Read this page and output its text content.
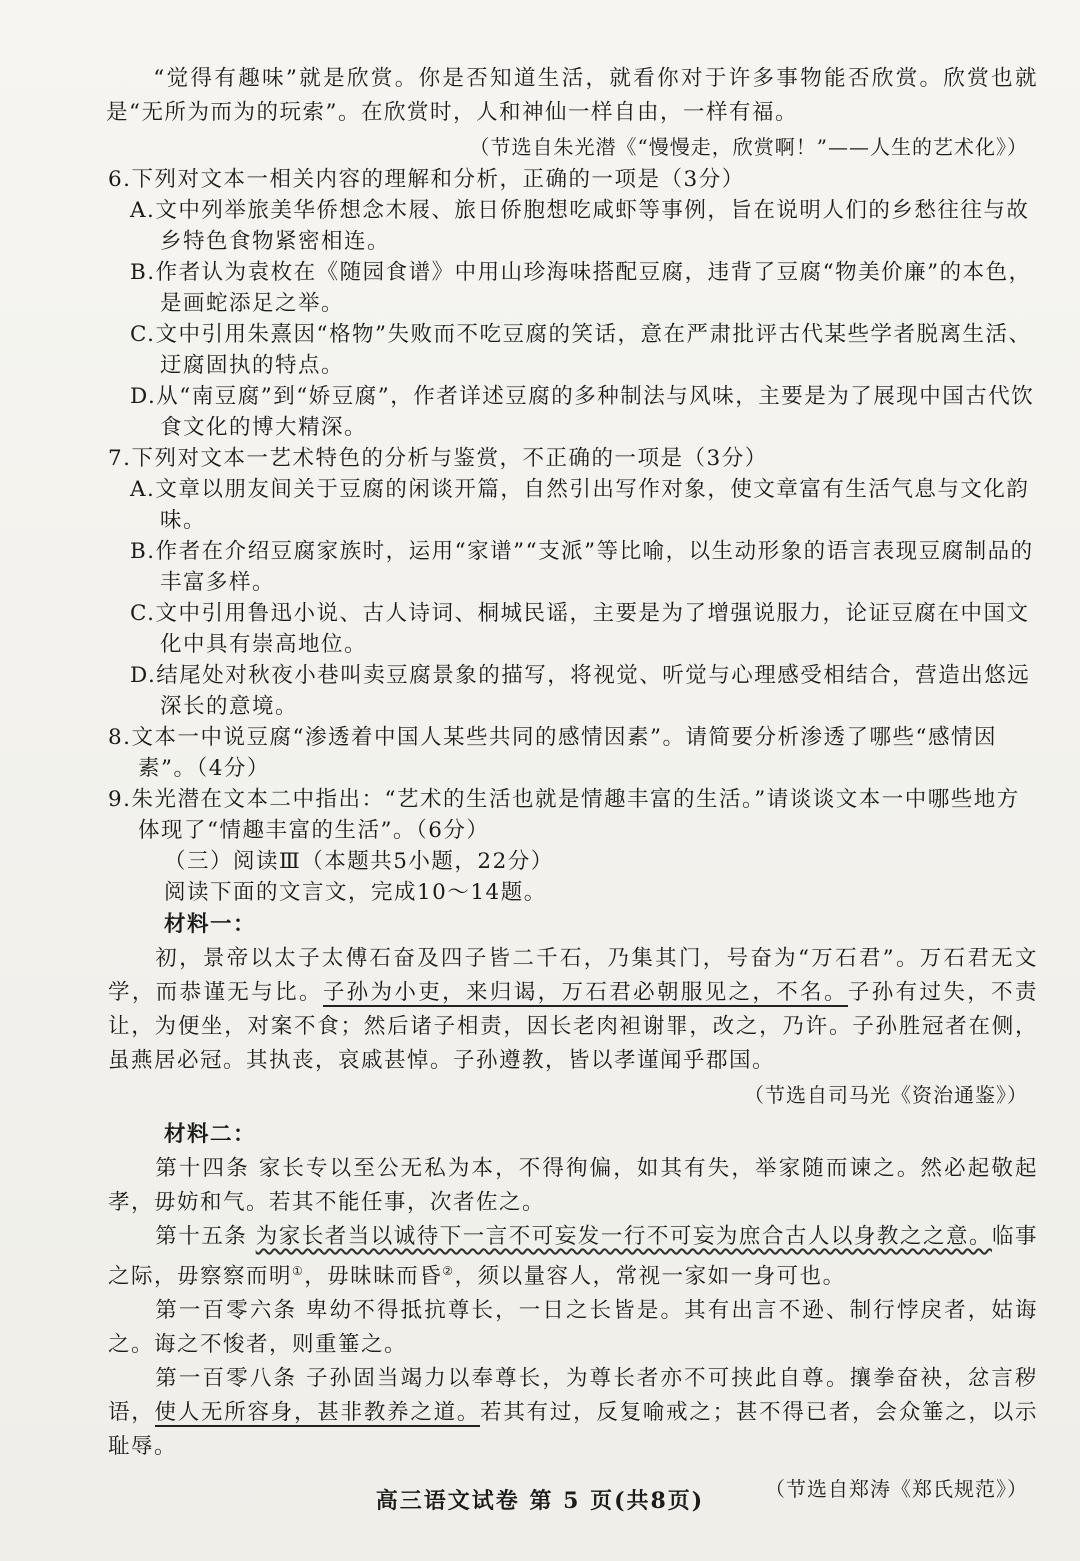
“觉得有趣味”就是欣赏。你是否知道生活，就看你对于许多事物能否欣赏。欣赏也就是“无所为而为的玩索”。在欣赏时，人和神仙一样自由，一样有福。

（节选自朱光潜《“慢慢走，欣赏啊！”——人生的艺术化》）

6.下列对文本一相关内容的理解和分析，正确的一项是（3分）

A.文中列举旅美华侨想念木屐、旅日侨胞想吃咸虾等事例，旨在说明人们的乡愁往往与故乡特色食物紧密相连。

B.作者认为袁枚在《随园食谱》中用山珍海味搭配豆腐，违背了豆腐“物美价廉”的本色，是画蛇添足之举。

C.文中引用朱熹因“格物”失败而不吃豆腐的笑话，意在严肃批评古代某些学者脱离生活、迂腐固执的特点。

D.从“南豆腐”到“娇豆腐”，作者详述豆腐的多种制法与风味，主要是为了展现中国古代饮食文化的博大精深。

7.下列对文本一艺术特色的分析与鉴赏，不正确的一项是（3分）

A.文章以朋友间关于豆腐的闲谈开篇，自然引出写作对象，使文章富有生活气息与文化韵味。

B.作者在介绍豆腐家族时，运用“家谱”“支派”等比喻，以生动形象的语言表现豆腐制品的丰富多样。

C.文中引用鲁迅小说、古人诗词、桐城民谣，主要是为了增强说服力，论证豆腐在中国文化中具有崇高地位。

D.结尾处对秋夜小巷叫卖豆腐景象的描写，将视觉、听觉与心理感受相结合，营造出悠远深长的意境。

8.文本一中说豆腐“渗透着中国人某些共同的感情因素”。请简要分析渗透了哪些“感情因素”。（4分）

9.朱光潜在文本二中指出：“艺术的生活也就是情趣丰富的生活。”请谈谈文本一中哪些地方体现了“情趣丰富的生活”。（6分）

（三）阅读Ⅲ（本题共5小题，22分）

阅读下面的文言文，完成10～14题。

材料一：

初，景帝以太子太傅石奋及四子皆二千石，乃集其门，号奋为“万石君”。万石君无文学，而恭谨无与比。子孙为小吏，来归谒，万石君必朝服见之，不名。子孙有过失，不责让，为便坐，对案不食；然后诸子相责，因长老肉袒谢罪，改之，乃许。子孙胜冠者在侧，虽燕居必冠。其执丧，哀戚甚悼。子孙遵教，皆以孝谨闻乎郡国。

（节选自司马光《资治通鉴》）

材料二：

第十四条 家长专以至公无私为本，不得徇偏，如其有失，举家随而谏之。然必起敬起孝，毋妨和气。若其不能任事，次者佐之。

第十五条 为家长者当以诚待下一言不可妄发一行不可妄为庶合古人以身教之之意。临事之际，毋察察而明①，毋昧昧而昏②，须以量容人，常视一家如一身可也。

第一百零六条 卑幼不得抵抗尊长，一日之长皆是。其有出言不逊、制行悖戾者，姑诲之。诲之不悛者，则重箠之。

第一百零八条 子孙固当竭力以奉尊长，为尊长者亦不可挟此自尊。攘拳奋袂，忿言秽语，使人无所容身，甚非教养之道。若其有过，反复喻戒之；甚不得已者，会众箠之，以示耻辱。

（节选自郑涛《郑氏规范》）

高三语文试卷 第 5 页(共8页)
